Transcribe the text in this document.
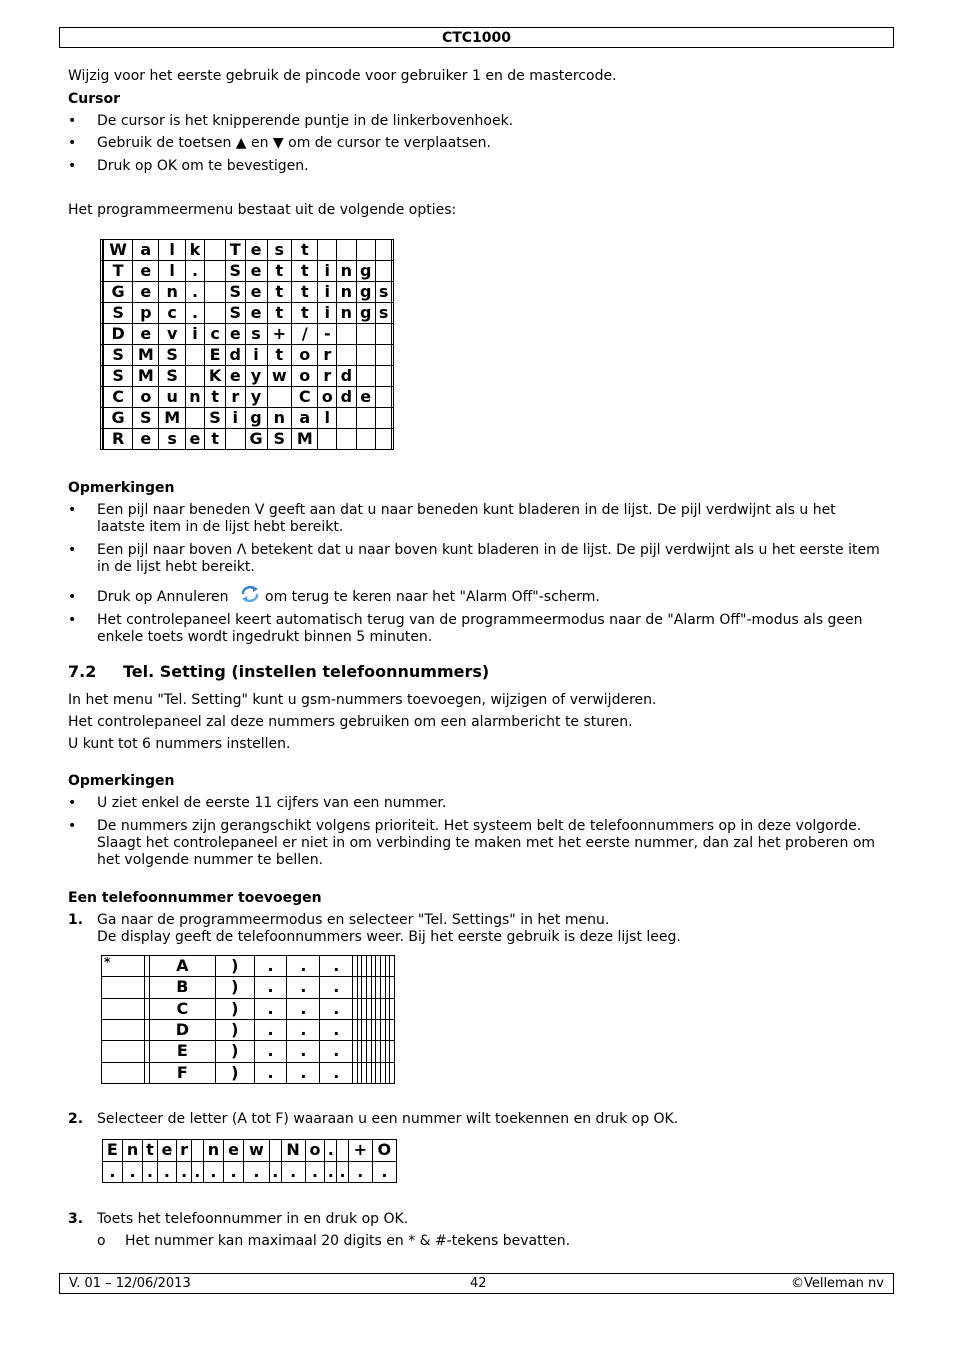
CTC1000
Wijzig voor het eerste gebruik de pincode voor gebruiker 1 en de mastercode.
Cursor
•	De cursor is het knipperende puntje in de linkerbovenhoek.
•	Gebruik de toetsen ▲ en ▼ om de cursor te verplaatsen.
•	Druk op OK om te bevestigen.
Het programmeermenu bestaat uit de volgende opties:
		W	a	l	k		T	e	s	t					
		T	e	l	.		S	e	t	t	i	n	g		
		G	e	n	.		S	e	t	t	i	n	g	s	
		S	p	c	.		S	e	t	t	i	n	g	s	
		D	e	v	i	c	e	s	+	/	-				
		S	M	S		E	d	i	t	o	r				
		S	M	S		K	e	y	w	o	r	d			
		C	o	u	n	t	r	y		C	o	d	e		
		G	S	M		S	i	g	n	a	l				
		R	e	s	e	t		G	S	M					
Opmerkingen
•	Een pijl naar beneden V geeft aan dat u naar beneden kunt bladeren in de lijst. De pijl verdwijnt als u het laatste item in de lijst hebt bereikt.
•	Een pijl naar boven Λ betekent dat u naar boven kunt bladeren in de lijst. De pijl verdwijnt als u het eerste item in de lijst hebt bereikt.
•	Druk op Annuleren	om terug te keren naar het "Alarm Off"-scherm.
•	Het controlepaneel keert automatisch terug van de programmeermodus naar de "Alarm Off"-modus als geen enkele toets wordt ingedrukt binnen 5 minuten.
7.2 Tel. Setting (instellen telefoonnummers)
In het menu "Tel. Setting" kunt u gsm-nummers toevoegen, wijzigen of verwijderen.
Het controlepaneel zal deze nummers gebruiken om een alarmbericht te sturen.
U kunt tot 6 nummers instellen.
Opmerkingen
•	U ziet enkel de eerste 11 cijfers van een nummer.
•	De nummers zijn gerangschikt volgens prioriteit. Het systeem belt de telefoonnummers op in deze volgorde. Slaagt het controlepaneel er niet in om verbinding te maken met het eerste nummer, dan zal het proberen om het volgende nummer te bellen.
Een telefoonnummer toevoegen
1. Ga naar de programmeermodus en selecteer "Tel. Settings" in het menu.
De display geeft de telefoonnummers weer. Bij het eerste gebruik is deze lijst leeg.
*		A	)	.	.	.									
		B	)	.	.	.									
		C	)	.	.	.									
		D	)	.	.	.									
		E	)	.	.	.									
		F	)	.	.	.									
2. Selecteer de letter (A tot F) waaraan u een nummer wilt toekennen en druk op OK.
E	n	t	e	r		n	e	w		N	o	.		+	O
.	.	.	.	.	.	.	.	.	.	.	.	.	.	.	.
3. Toets het telefoonnummer in en druk op OK.
o Het nummer kan maximaal 20 digits en * & #-tekens bevatten.
V. 01 – 12/06/2013	42	©Velleman nv
